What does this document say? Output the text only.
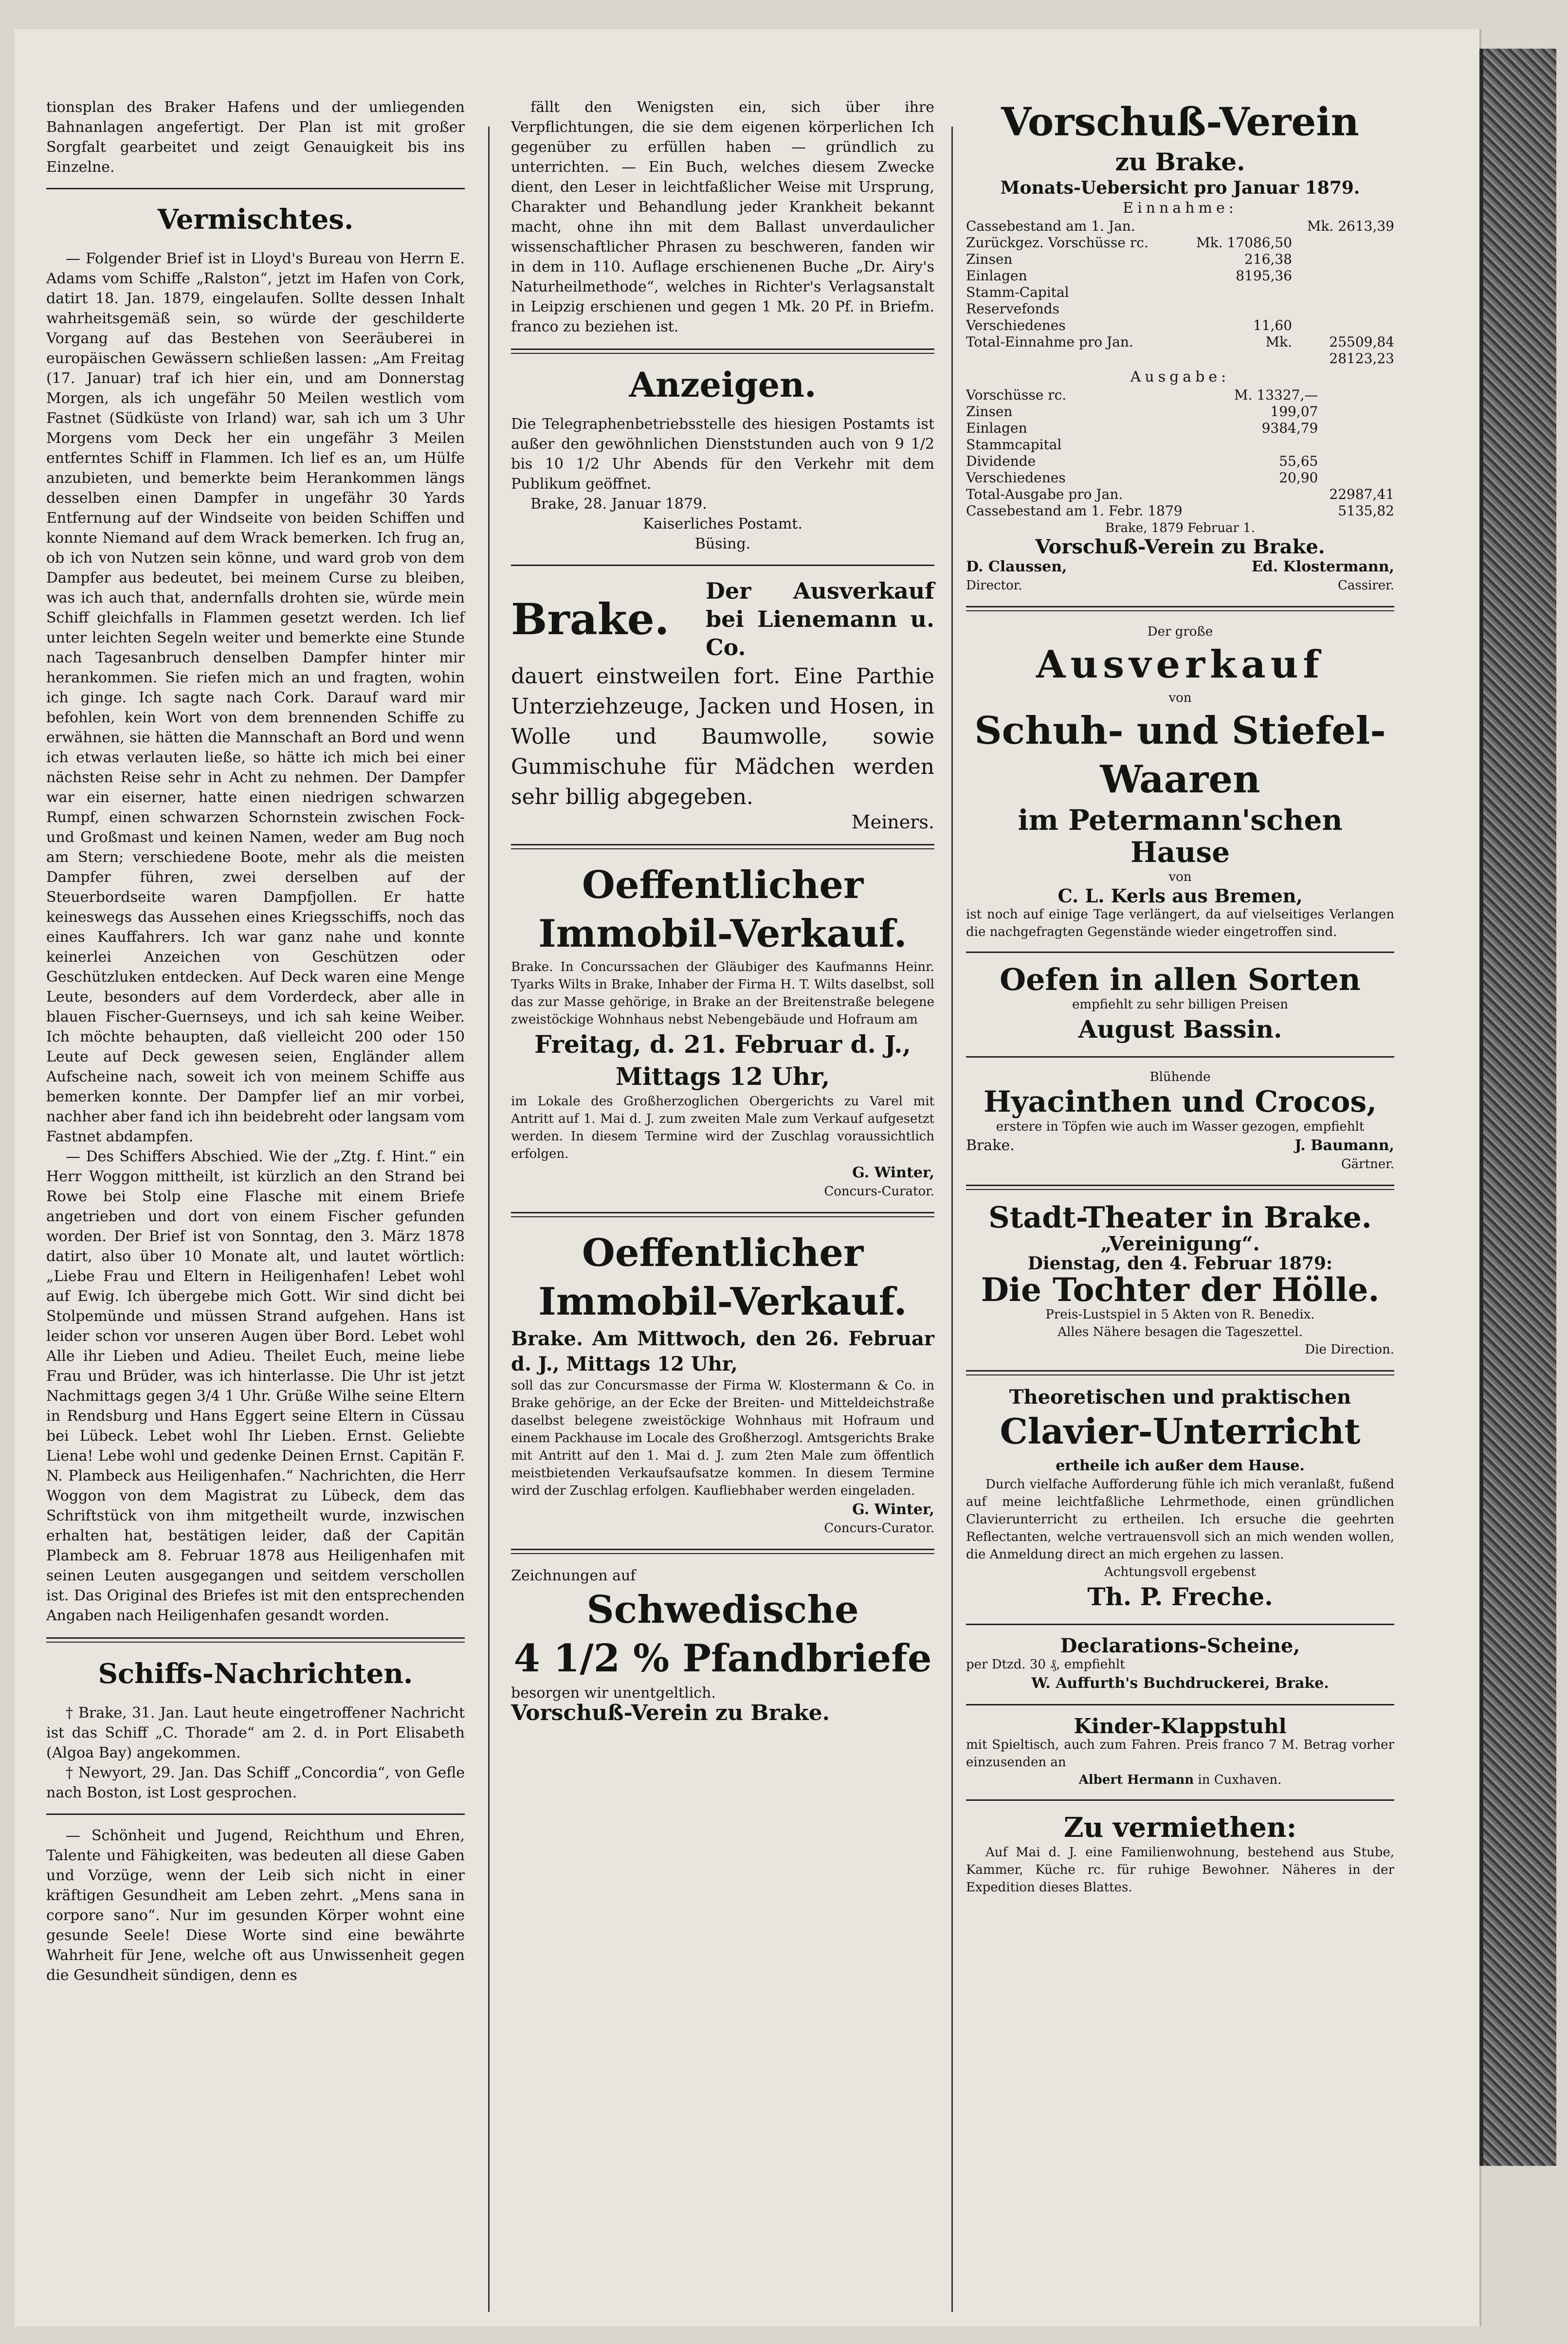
tionsplan des Braker Hafens und der umliegenden Bahnanlagen angefertigt. Der Plan ist mit großer Sorgfalt gearbeitet und zeigt Genauigkeit bis ins Einzelne.

Vermischtes.

— Folgender Brief ist in Lloyd's Bureau von Herrn E. Adams vom Schiffe „Ralston“, jetzt im Hafen von Cork, datirt 18. Jan. 1879, eingelaufen. Sollte dessen Inhalt wahrheitsgemäß sein, so würde der geschilderte Vorgang auf das Bestehen von Seeräuberei in europäischen Gewässern schließen lassen: „Am Freitag (17. Januar) traf ich hier ein, und am Donnerstag Morgen, als ich ungefähr 50 Meilen westlich vom Fastnet (Südküste von Irland) war, sah ich um 3 Uhr Morgens vom Deck her ein ungefähr 3 Meilen entferntes Schiff in Flammen. Ich lief es an, um Hülfe anzubieten, und bemerkte beim Herankommen längs desselben einen Dampfer in ungefähr 30 Yards Entfernung auf der Windseite von beiden Schiffen und konnte Niemand auf dem Wrack bemerken. Ich frug an, ob ich von Nutzen sein könne, und ward grob von dem Dampfer aus bedeutet, bei meinem Curse zu bleiben, was ich auch that, andernfalls drohten sie, würde mein Schiff gleichfalls in Flammen gesetzt werden. Ich lief unter leichten Segeln weiter und bemerkte eine Stunde nach Tagesanbruch denselben Dampfer hinter mir herankommen. Sie riefen mich an und fragten, wohin ich ginge. Ich sagte nach Cork. Darauf ward mir befohlen, kein Wort von dem brennenden Schiffe zu erwähnen, sie hätten die Mannschaft an Bord und wenn ich etwas verlauten ließe, so hätte ich mich bei einer nächsten Reise sehr in Acht zu nehmen. Der Dampfer war ein eiserner, hatte einen niedrigen schwarzen Rumpf, einen schwarzen Schornstein zwischen Fock- und Großmast und keinen Namen, weder am Bug noch am Stern; verschiedene Boote, mehr als die meisten Dampfer führen, zwei derselben auf der Steuerbordseite waren Dampfjollen. Er hatte keineswegs das Aussehen eines Kriegsschiffs, noch das eines Kauffahrers. Ich war ganz nahe und konnte keinerlei Anzeichen von Geschützen oder Geschützluken entdecken. Auf Deck waren eine Menge Leute, besonders auf dem Vorderdeck, aber alle in blauen Fischer-Guernseys, und ich sah keine Weiber. Ich möchte behaupten, daß vielleicht 200 oder 150 Leute auf Deck gewesen seien, Engländer allem Aufscheine nach, soweit ich von meinem Schiffe aus bemerken konnte. Der Dampfer lief an mir vorbei, nachher aber fand ich ihn beidebreht oder langsam vom Fastnet abdampfen.

— Des Schiffers Abschied. Wie der „Ztg. f. Hint.“ ein Herr Woggon mittheilt, ist kürzlich an den Strand bei Rowe bei Stolp eine Flasche mit einem Briefe angetrieben und dort von einem Fischer gefunden worden. Der Brief ist von Sonntag, den 3. März 1878 datirt, also über 10 Monate alt, und lautet wörtlich: „Liebe Frau und Eltern in Heiligenhafen! Lebet wohl auf Ewig. Ich übergebe mich Gott. Wir sind dicht bei Stolpemünde und müssen Strand aufgehen. Hans ist leider schon vor unseren Augen über Bord. Lebet wohl Alle ihr Lieben und Adieu. Theilet Euch, meine liebe Frau und Brüder, was ich hinterlasse. Die Uhr ist jetzt Nachmittags gegen 3/4 1 Uhr. Grüße Wilhe seine Eltern in Rendsburg und Hans Eggert seine Eltern in Cüssau bei Lübeck. Lebet wohl Ihr Lieben. Ernst. Geliebte Liena! Lebe wohl und gedenke Deinen Ernst. Capitän F. N. Plambeck aus Heiligenhafen.“ Nachrichten, die Herr Woggon von dem Magistrat zu Lübeck, dem das Schriftstück von ihm mitgetheilt wurde, inzwischen erhalten hat, bestätigen leider, daß der Capitän Plambeck am 8. Februar 1878 aus Heiligenhafen mit seinen Leuten ausgegangen und seitdem verschollen ist. Das Original des Briefes ist mit den entsprechenden Angaben nach Heiligenhafen gesandt worden.

Schiffs-Nachrichten.

† Brake, 31. Jan. Laut heute eingetroffener Nachricht ist das Schiff „C. Thorade“ am 2. d. in Port Elisabeth (Algoa Bay) angekommen.

† Newyort, 29. Jan. Das Schiff „Concordia“, von Gefle nach Boston, ist Lost gesprochen.

— Schönheit und Jugend, Reichthum und Ehren, Talente und Fähigkeiten, was bedeuten all diese Gaben und Vorzüge, wenn der Leib sich nicht in einer kräftigen Gesundheit am Leben zehrt. „Mens sana in corpore sano“. Nur im gesunden Körper wohnt eine gesunde Seele! Diese Worte sind eine bewährte Wahrheit für Jene, welche oft aus Unwissenheit gegen die Gesundheit sündigen, denn es

fällt den Wenigsten ein, sich über ihre Verpflichtungen, die sie dem eigenen körperlichen Ich gegenüber zu erfüllen haben — gründlich zu unterrichten. — Ein Buch, welches diesem Zwecke dient, den Leser in leichtfaßlicher Weise mit Ursprung, Charakter und Behandlung jeder Krankheit bekannt macht, ohne ihn mit dem Ballast unverdaulicher wissenschaftlicher Phrasen zu beschweren, fanden wir in dem in 110. Auflage erschienenen Buche „Dr. Airy's Naturheilmethode“, welches in Richter's Verlagsanstalt in Leipzig erschienen und gegen 1 Mk. 20 Pf. in Briefm. franco zu beziehen ist.

Anzeigen.

Die Telegraphenbetriebsstelle des hiesigen Postamts ist außer den gewöhnlichen Dienststunden auch von 9 1/2 bis 10 1/2 Uhr Abends für den Verkehr mit dem Publikum geöffnet.

Brake, 28. Januar 1879.

Kaiserliches Postamt.
Büsing.
Brake.
Der Ausverkauf bei Lienemann u. Co.

dauert einstweilen fort. Eine Parthie Unterziehzeuge, Jacken und Hosen, in Wolle und Baumwolle, sowie Gummischuhe für Mädchen werden sehr billig abgegeben.

Meiners.
Oeffentlicher
Immobil-Verkauf.

Brake. In Concurssachen der Gläubiger des Kaufmanns Heinr. Tyarks Wilts in Brake, Inhaber der Firma H. T. Wilts daselbst, soll das zur Masse gehörige, in Brake an der Breitenstraße belegene zweistöckige Wohnhaus nebst Nebengebäude und Hofraum am

Freitag, d. 21. Februar d. J.,
Mittags 12 Uhr,

im Lokale des Großherzoglichen Obergerichts zu Varel mit Antritt auf 1. Mai d. J. zum zweiten Male zum Verkauf aufgesetzt werden. In diesem Termine wird der Zuschlag voraussichtlich erfolgen.

G. Winter,
Concurs-Curator.
Oeffentlicher
Immobil-Verkauf.
Brake. Am Mittwoch, den 26. Februar d. J., Mittags 12 Uhr,

soll das zur Concursmasse der Firma W. Klostermann & Co. in Brake gehörige, an der Ecke der Breiten- und Mitteldeichstraße daselbst belegene zweistöckige Wohnhaus mit Hofraum und einem Packhause im Locale des Großherzogl. Amtsgerichts Brake mit Antritt auf den 1. Mai d. J. zum 2ten Male zum öffentlich meistbietenden Verkaufsaufsatze kommen. In diesem Termine wird der Zuschlag erfolgen. Kaufliebhaber werden eingeladen.

G. Winter,
Concurs-Curator.
Zeichnungen auf
Schwedische
4 1/2 % Pfandbriefe
besorgen wir unentgeltlich.
Vorschuß-Verein zu Brake.
Vorschuß-Verein
zu Brake.
Monats-Uebersicht pro Januar 1879.
Einnahme:
Cassebestand am 1. Jan.		Mk. 2613,39
Zurückgez. Vorschüsse rc.	Mk. 17086,50	
Zinsen	216,38	
Einlagen	8195,36	
Stamm-Capital		
Reservefonds		
Verschiedenes	11,60	
Total-Einnahme pro Jan.	Mk.	25509,84
		28123,23
Ausgabe:
Vorschüsse rc.	M. 13327,—	
Zinsen	199,07	
Einlagen	9384,79	
Stammcapital		
Dividende	55,65	
Verschiedenes	20,90	
Total-Ausgabe pro Jan.		22987,41
Cassebestand am 1. Febr. 1879		5135,82
Brake, 1879 Februar 1.
Vorschuß-Verein zu Brake.
D. Claussen,	Ed. Klostermann,
Director.	Cassirer.
Der große
Ausverkauf
von
Schuh- und Stiefel-
Waaren
im Petermann'schen Hause
von
C. L. Kerls aus Bremen,

ist noch auf einige Tage verlängert, da auf vielseitiges Verlangen die nachgefragten Gegenstände wieder eingetroffen sind.

Oefen in allen Sorten
empfiehlt zu sehr billigen Preisen
August Bassin.
Blühende
Hyacinthen und Crocos,
erstere in Töpfen wie auch im Wasser gezogen, empfiehlt
Brake.	J. Baumann,
Gärtner.
Stadt-Theater in Brake.
„Vereinigung“.
Dienstag, den 4. Februar 1879:
Die Tochter der Hölle.
Preis-Lustspiel in 5 Akten von R. Benedix.
Alles Nähere besagen die Tageszettel.
Die Direction.
Theoretischen und praktischen
Clavier-Unterricht
ertheile ich außer dem Hause.

Durch vielfache Aufforderung fühle ich mich veranlaßt, fußend auf meine leichtfaßliche Lehrmethode, einen gründlichen Clavierunterricht zu ertheilen. Ich ersuche die geehrten Reflectanten, welche vertrauensvoll sich an mich wenden wollen, die Anmeldung direct an mich ergehen zu lassen.

Achtungsvoll ergebenst
Th. P. Freche.
Declarations-Scheine,
per Dtzd. 30 ₰, empfiehlt
W. Auffurth's Buchdruckerei, Brake.
Kinder-Klappstuhl

mit Spieltisch, auch zum Fahren. Preis franco 7 M. Betrag vorher einzusenden an

Albert Hermann in Cuxhaven.
Zu vermiethen:

Auf Mai d. J. eine Familienwohnung, bestehend aus Stube, Kammer, Küche rc. für ruhige Bewohner. Näheres in der Expedition dieses Blattes.
